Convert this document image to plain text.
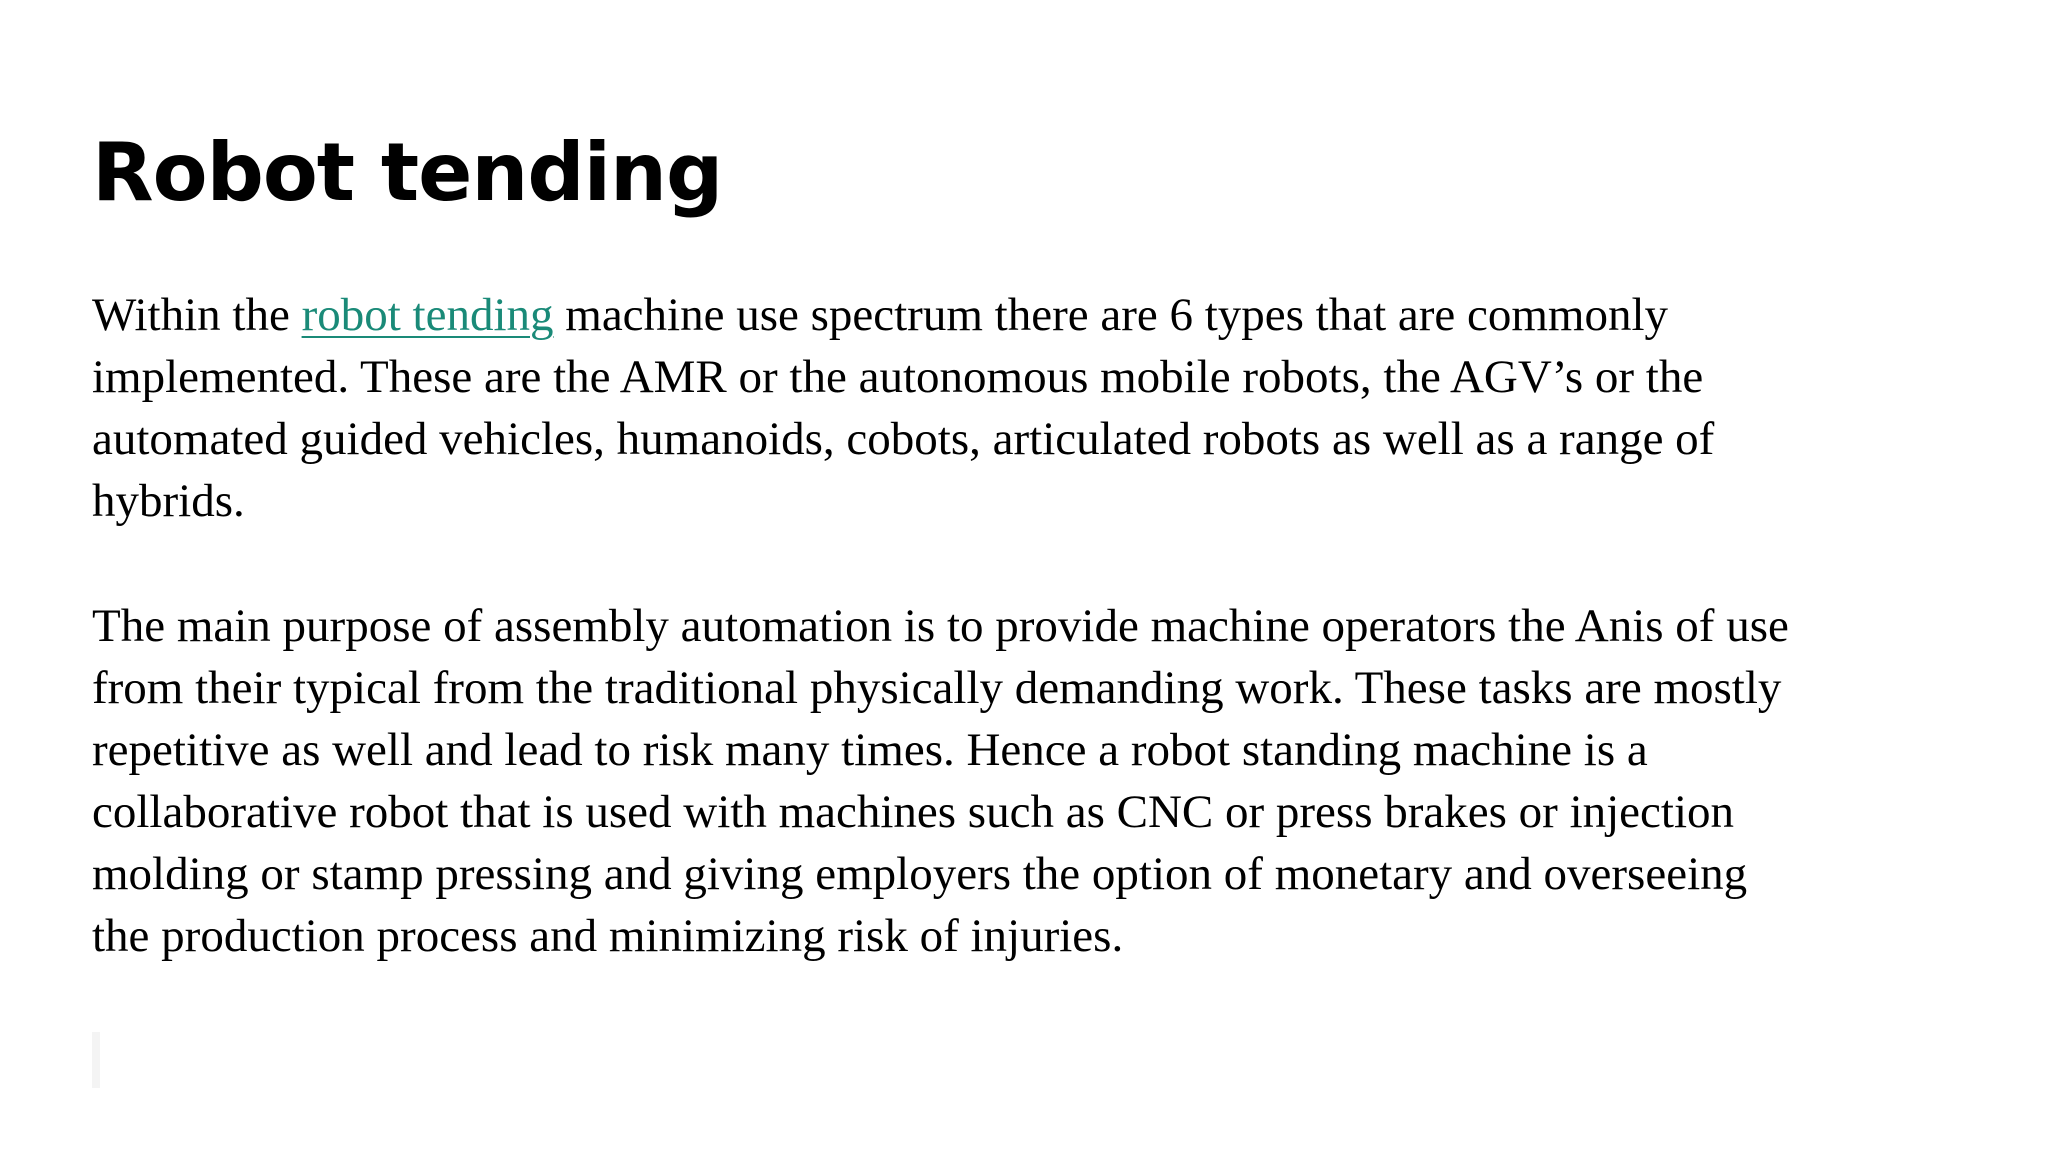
Robot tending

Within the robot tending machine use spectrum there are 6 types that are commonly
implemented. These are the AMR or the autonomous mobile robots, the AGV’s or the
automated guided vehicles, humanoids, cobots, articulated robots as well as a range of
hybrids.

The main purpose of assembly automation is to provide machine operators the Anis of use
from their typical from the traditional physically demanding work. These tasks are mostly
repetitive as well and lead to risk many times. Hence a robot standing machine is a
collaborative robot that is used with machines such as CNC or press brakes or injection
molding or stamp pressing and giving employers the option of monetary and overseeing
the production process and minimizing risk of injuries.
